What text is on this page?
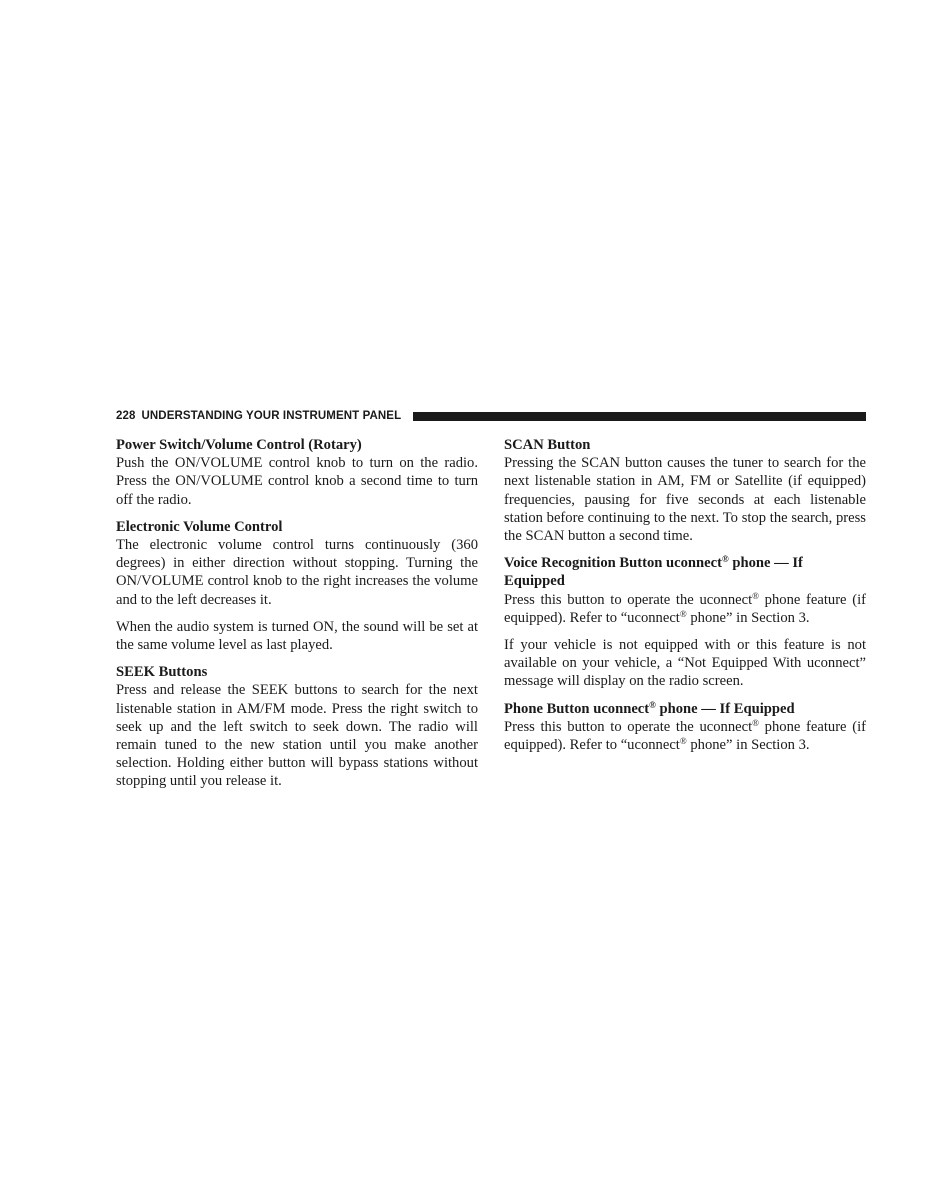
228 UNDERSTANDING YOUR INSTRUMENT PANEL
Power Switch/Volume Control (Rotary)

Push the ON/VOLUME control knob to turn on the radio. Press the ON/VOLUME control knob a second time to turn off the radio.

Electronic Volume Control

The electronic volume control turns continuously (360 degrees) in either direction without stopping. Turning the ON/VOLUME control knob to the right increases the volume and to the left decreases it.

When the audio system is turned ON, the sound will be set at the same volume level as last played.

SEEK Buttons

Press and release the SEEK buttons to search for the next listenable station in AM/FM mode. Press the right switch to seek up and the left switch to seek down. The radio will remain tuned to the new station until you make another selection. Holding either button will bypass stations without stopping until you release it.

SCAN Button

Pressing the SCAN button causes the tuner to search for the next listenable station in AM, FM or Satellite (if equipped) frequencies, pausing for five seconds at each listenable station before continuing to the next. To stop the search, press the SCAN button a second time.

Voice Recognition Button uconnect® phone — If Equipped

Press this button to operate the uconnect® phone feature (if equipped). Refer to “uconnect® phone” in Section 3.

If your vehicle is not equipped with or this feature is not available on your vehicle, a “Not Equipped With uconnect” message will display on the radio screen.

Phone Button uconnect® phone — If Equipped

Press this button to operate the uconnect® phone feature (if equipped). Refer to “uconnect® phone” in Section 3.
